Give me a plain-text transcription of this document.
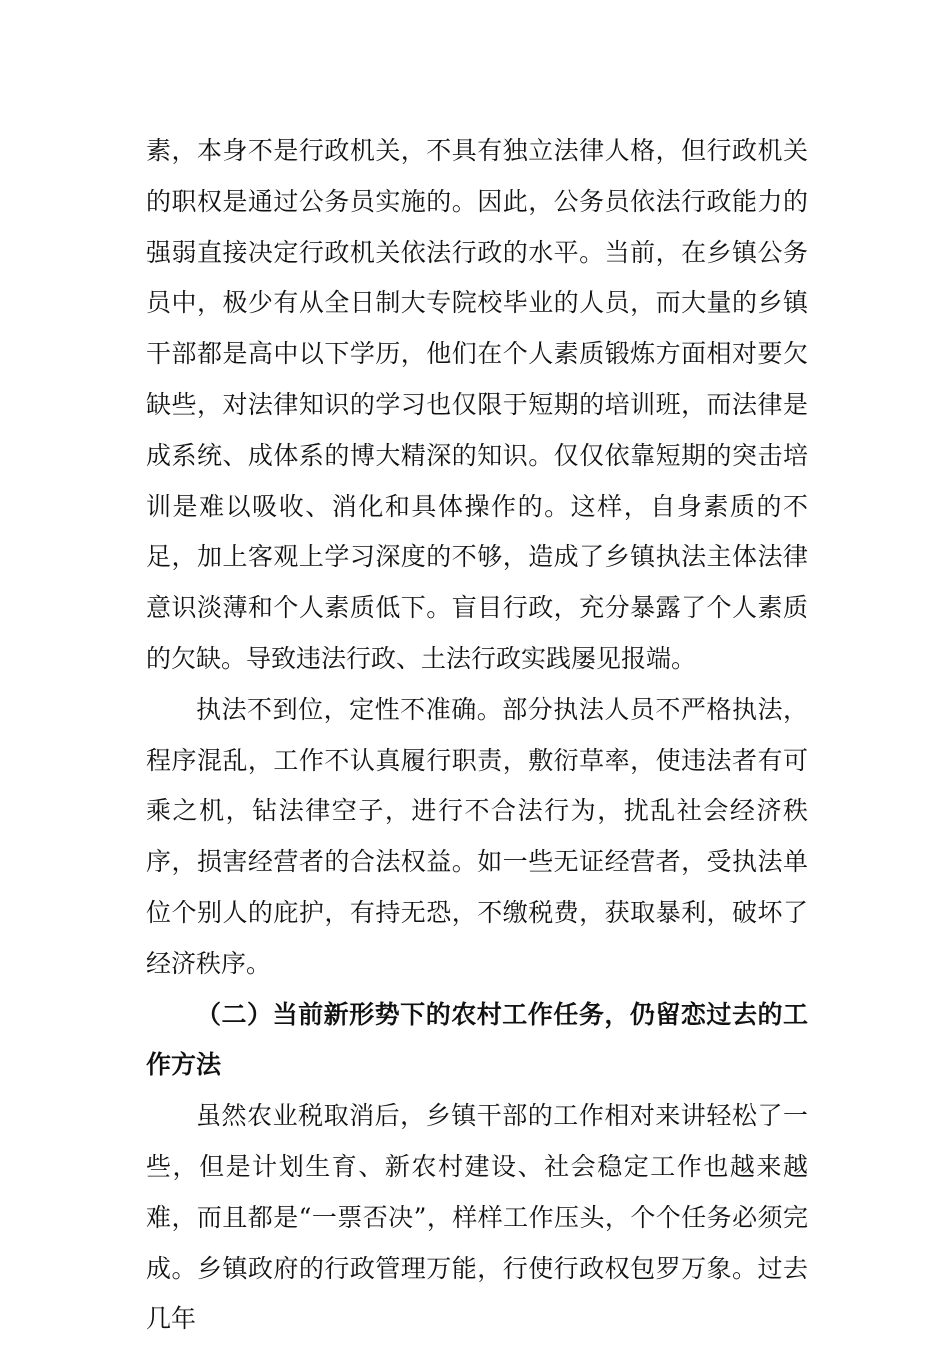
素，本身不是行政机关，不具有独立法律人格，但行政机关的职权是通过公务员实施的。因此，公务员依法行政能力的强弱直接决定行政机关依法行政的水平。当前，在乡镇公务员中，极少有从全日制大专院校毕业的人员，而大量的乡镇干部都是高中以下学历，他们在个人素质锻炼方面相对要欠缺些，对法律知识的学习也仅限于短期的培训班，而法律是成系统、成体系的博大精深的知识。仅仅依靠短期的突击培训是难以吸收、消化和具体操作的。这样，自身素质的不足，加上客观上学习深度的不够，造成了乡镇执法主体法律意识淡薄和个人素质低下。盲目行政，充分暴露了个人素质的欠缺。导致违法行政、土法行政实践屡见报端。

执法不到位，定性不准确。部分执法人员不严格执法，程序混乱，工作不认真履行职责，敷衍草率，使违法者有可乘之机，钻法律空子，进行不合法行为，扰乱社会经济秩序，损害经营者的合法权益。如一些无证经营者，受执法单位个别人的庇护，有持无恐，不缴税费，获取暴利，破坏了经济秩序。

（二）当前新形势下的农村工作任务，仍留恋过去的工作方法

虽然农业税取消后，乡镇干部的工作相对来讲轻松了一些，但是计划生育、新农村建设、社会稳定工作也越来越难，而且都是“一票否决”，样样工作压头，个个任务必须完成。乡镇政府的行政管理万能，行使行政权包罗万象。过去几年
